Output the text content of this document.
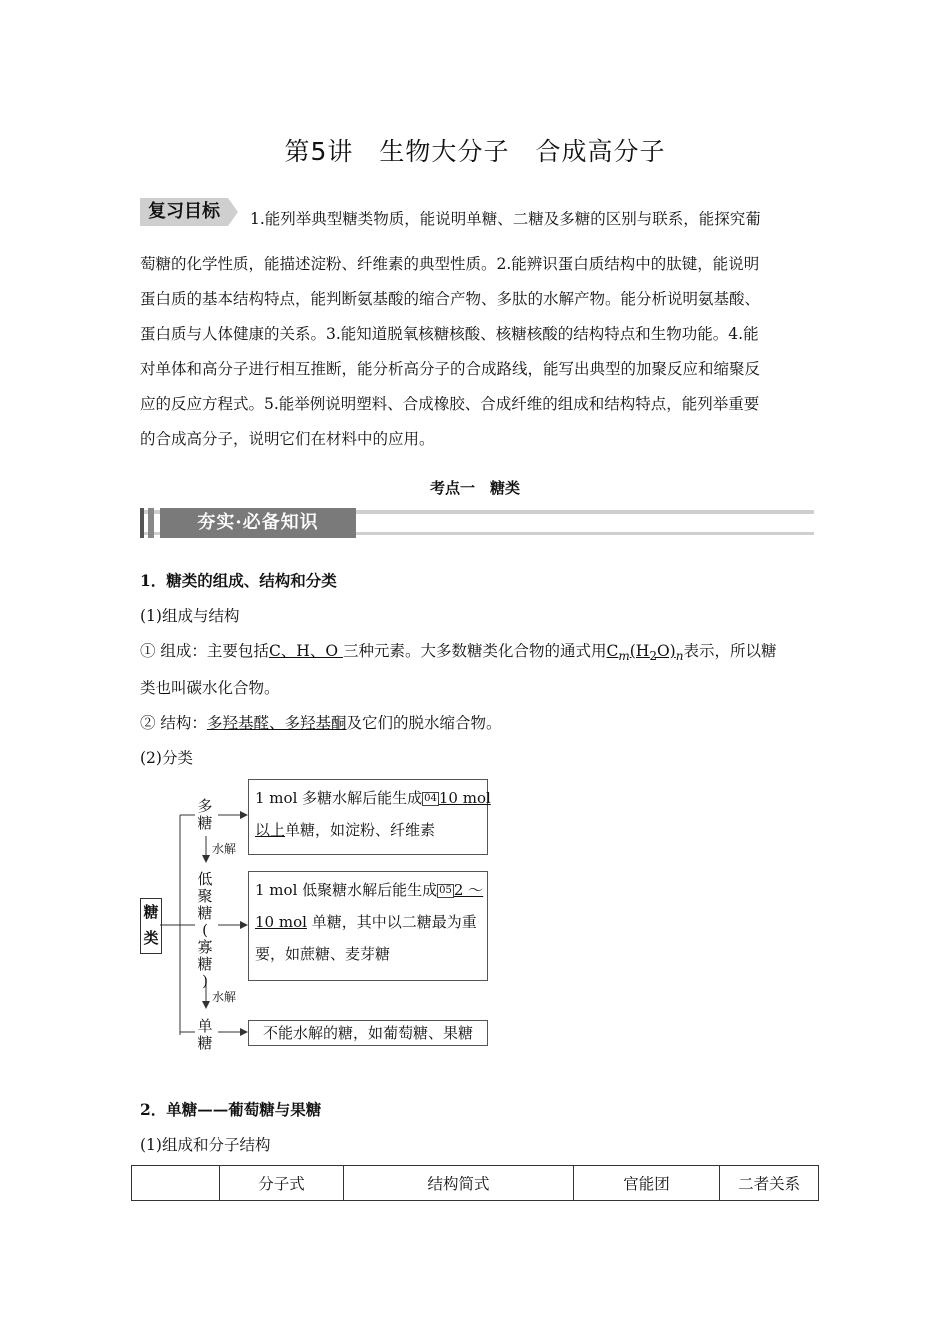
第5讲　生物大分子　合成高分子
复习目标	1.能列举典型糖类物质，能说明单糖、二糖及多糖的区别与联系，能探究葡
萄糖的化学性质，能描述淀粉、纤维素的典型性质。2.能辨识蛋白质结构中的肽键，能说明
蛋白质的基本结构特点，能判断氨基酸的缩合产物、多肽的水解产物。能分析说明氨基酸、
蛋白质与人体健康的关系。3.能知道脱氧核糖核酸、核糖核酸的结构特点和生物功能。4.能
对单体和高分子进行相互推断，能分析高分子的合成路线，能写出典型的加聚反应和缩聚反
应的反应方程式。5.能举例说明塑料、合成橡胶、合成纤维的组成和结构特点，能列举重要
的合成高分子，说明它们在材料中的应用。
考点一　糖类
夯实·必备知识
1．糖类的组成、结构和分类
(1)组成与结构
① 组成：主要包括C、H、O 三种元素。大多数糖类化合物的通式用$C_m(H_2O)_n$表示，所以糖
类也叫碳水化合物。
② 结构：多羟基醛、多羟基酮及它们的脱水缩合物。
(2)分类
糖
类
多
糖
水解
低
聚
糖
(
寡
糖
)
水解
单
糖
1 mol 多糖水解后能生成 04 10 mol
以上单糖，如淀粉、纤维素
1 mol 低聚糖水解后能生成 05 2 ～
10 mol 单糖，其中以二糖最为重
要，如蔗糖、麦芽糖
不能水解的糖，如葡萄糖、果糖
2．单糖——葡萄糖与果糖
(1)组成和分子结构
	分子式	结构简式	官能团	二者关系
